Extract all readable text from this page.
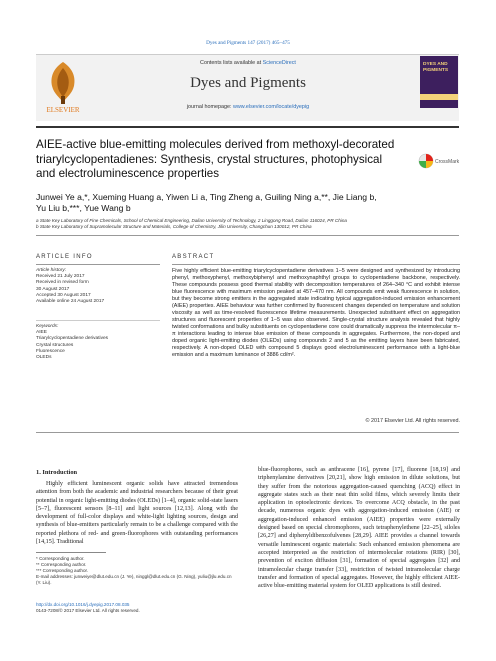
Dyes and Pigments 147 (2017) 465–475
ELSEVIER
Contents lists available at ScienceDirect
Dyes and Pigments
journal homepage: www.elsevier.com/locate/dyepig
DYES AND PIGMENTS
AIEE-active blue-emitting molecules derived from methoxyl-decorated triarylcyclopentadienes: Synthesis, crystal structures, photophysical and electroluminescence properties
CrossMark
Junwei Ye a,*, Xueming Huang a, Yiwen Li a, Ting Zheng a, Guiling Ning a,**, Jie Liang b,
Yu Liu b,***, Yue Wang b
a State Key Laboratory of Fine Chemicals, School of Chemical Engineering, Dalian University of Technology, 2 Linggong Road, Dalian 116024, PR China
b State Key Laboratory of Supramolecular Structure and Materials, College of Chemistry, Jilin University, Changchun 130012, PR China
ARTICLE INFO
Article history:
Received 21 July 2017
Received in revised form
30 August 2017
Accepted 30 August 2017
Available online 24 August 2017
Keywords:
AIEE
Triarylcyclopentadiene derivatives
Crystal structures
Fluorescence
OLEDs
ABSTRACT
Five highly efficient blue-emitting triarylcyclopentadiene derivatives 1−5 were designed and synthesized by introducing phenyl, methoxyphenyl, methoxybiphenyl and methoxynaphthyl groups to cyclopentadiene backbone, respectively. These compounds possess good thermal stability with decomposition temperatures of 264–340 °C and exhibit intense blue fluorescence with maximum emission peaked at 457–470 nm. All compounds emit weak fluorescence in solution, but they become strong emitters in the aggregated state indicating typical aggregation-induced emission enhancement (AIEE) properties. AIEE behaviour was further confirmed by fluorescent changes depended on temperature and solution viscosity as well as time-resolved fluorescence lifetime measurements. Unexpected substituent effect on aggregation structures and fluorescent properties of 1−5 was also observed. Single-crystal structure analysis revealed that highly twisted conformations and bulky substituents on cyclopentadiene core could dramatically suppress the intermolecular π–π interactions leading to intense blue emission of these compounds in aggregates. Furthermore, the non-doped and doped organic light-emitting diodes (OLEDs) using compounds 2 and 5 as the emitting layers have been fabricated, respectively. A non-doped OLED with compound 5 displays good electroluminescent performance with a light-blue emission and a maximum luminance of 3886 cd/m².
© 2017 Elsevier Ltd. All rights reserved.
1. Introduction
Highly efficient luminescent organic solids have attracted tremendous attention from both the academic and industrial researchers because of their great potential in organic light-emitting diodes (OLEDs) [1–4], organic solid-state lasers [5–7], fluorescent sensors [8–11] and light sources [12,13]. Along with the development of full-color displays and white-light lighting sources, design and synthesis of blue-emitters particularly remain to be a challenge compared with the reported plethora of red- and green-fluorophores with outstanding performances [14,15]. Traditional
blue-fluorophores, such as anthracene [16], pyrene [17], fluorene [18,19] and triphenylamine derivatives [20,21], show high emission in dilute solutions, but they suffer from the notorious aggregation-caused quenching (ACQ) effect in aggregate states such as their neat thin solid films, which severely limits their application in optoelectronic devices. To overcome ACQ obstacle, in the past decade, numerous organic dyes with aggregation-induced emission (AIE) or aggregation-induced enhanced emission (AIEE) properties were externally designed based on special chromophores, such tetraphenylethene [22–25], siloles [26,27] and diphenyldibenzofulvenes [28,29]. AIEE provides a channel towards versatile luminescent organic materials: Such enhanced emission phenomena are accepted interpreted as the restriction of intermolecular rotations (RIR) [30], prevention of exciton diffusion [31], formation of special aggregates [32] and intramolecular charge transfer [33], restriction of twisted intramolecular charge transfer and formation of special aggregates. However, the highly efficient AIEE-active blue-emitting material system for OLED applications is still desired.
* Corresponding author.
** Corresponding author.
*** Corresponding author.
E-mail addresses: junweiye@dlut.edu.cn (J. Ye), ninggl@dlut.edu.cn (G. Ning), yuliu@jlu.edu.cn (Y. Liu).
http://dx.doi.org/10.1016/j.dyepig.2017.08.035
0143-7208/© 2017 Elsevier Ltd. All rights reserved.
